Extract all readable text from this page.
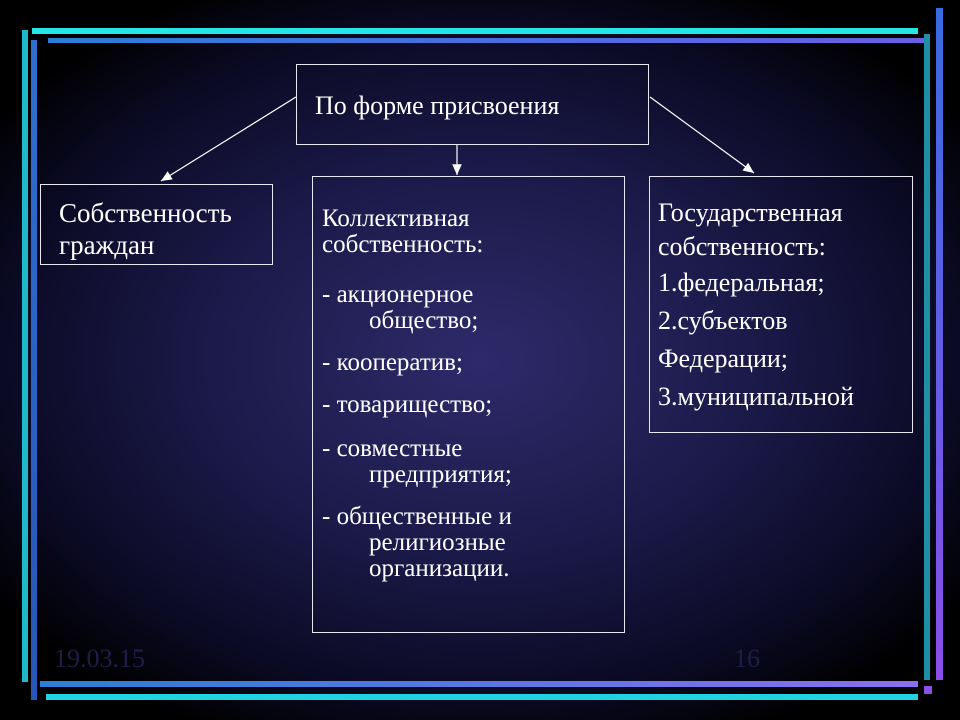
По форме присвоения
Собственность
граждан
Коллективная
собственность:
- акционерное
общество;
- кооператив;
- товарищество;
- совместные
предприятия;
- общественные и
религиозные организации.
Государственная
собственность:
1.федеральная;
2.субъектов
Федерации;
3.муниципальной
19.03.15	16
